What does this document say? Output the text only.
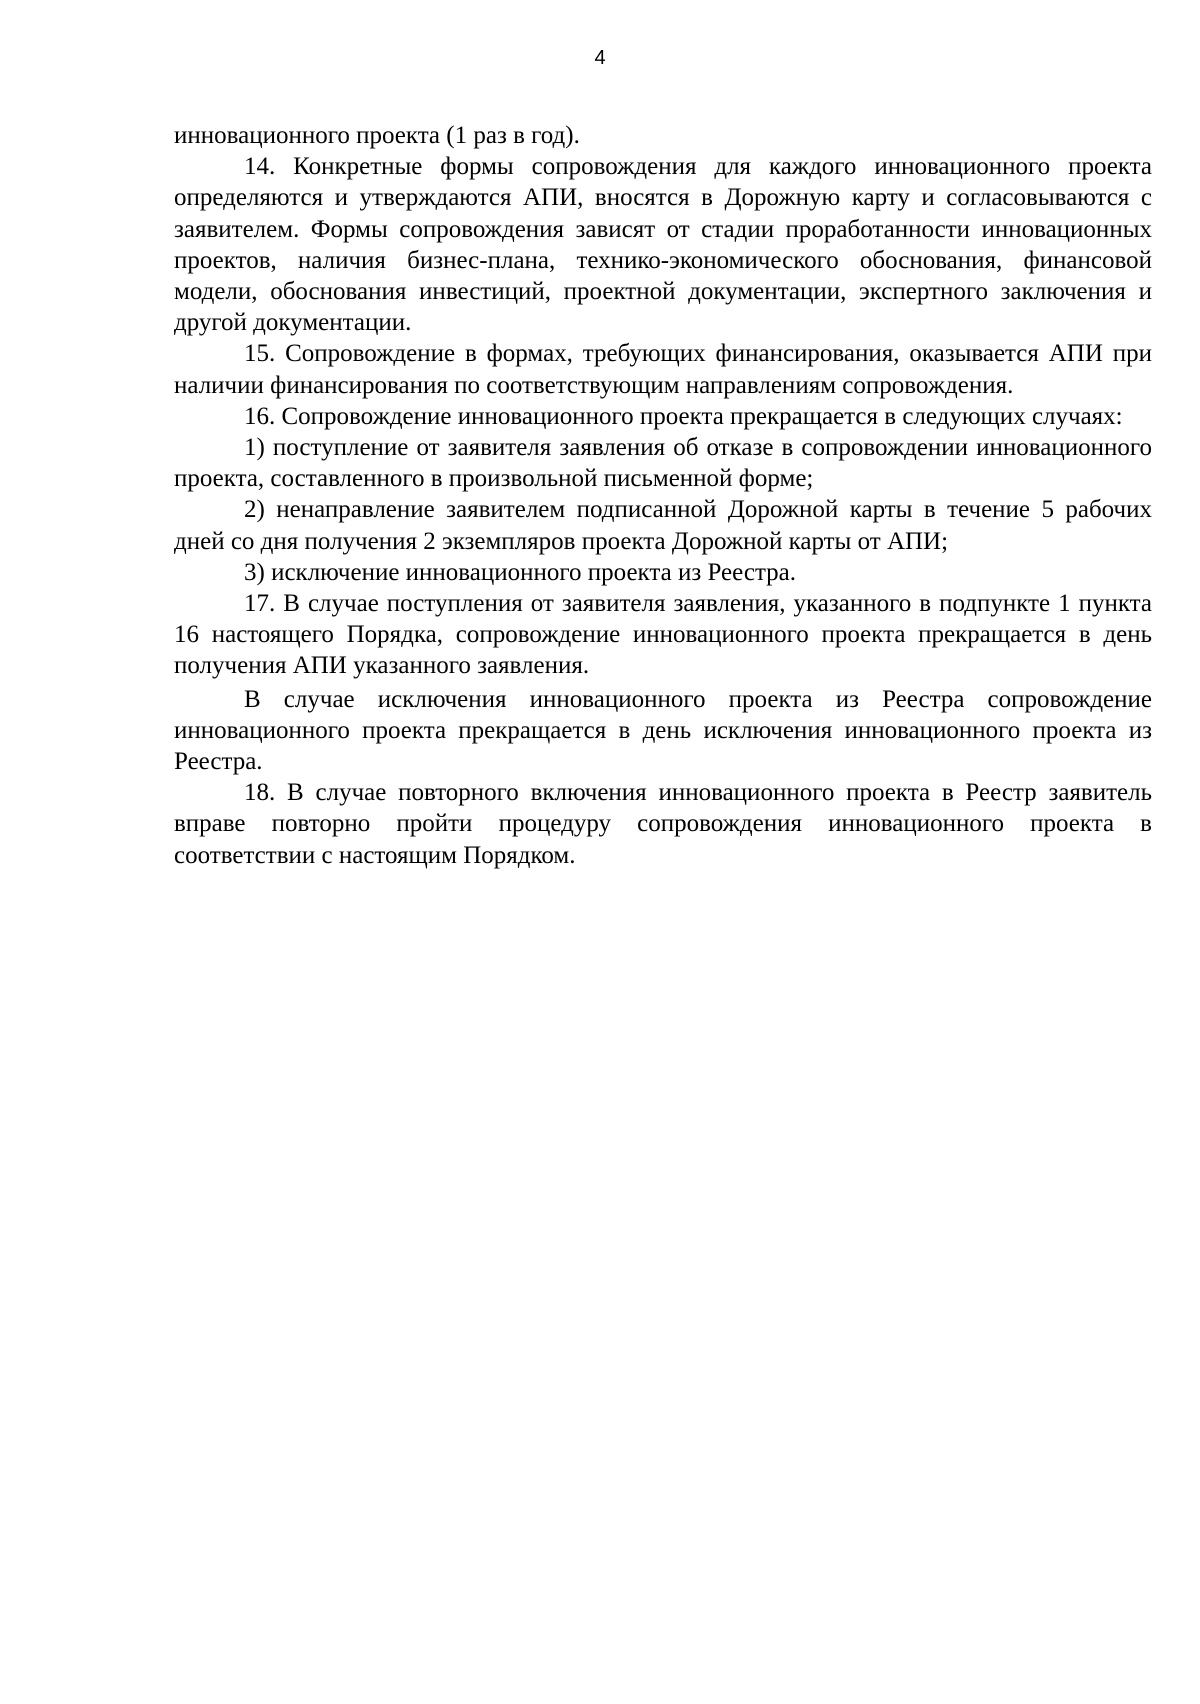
4

инновационного проекта (1 раз в год).

14. Конкретные формы сопровождения для каждого инновационного проекта определяются и утверждаются АПИ, вносятся в Дорожную карту и согласовываются с заявителем. Формы сопровождения зависят от стадии проработанности инновационных проектов, наличия бизнес-плана, технико-экономического обоснования, финансовой модели, обоснования инвестиций, проектной документации, экспертного заключения и другой документации.

15. Сопровождение в формах, требующих финансирования, оказывается АПИ при наличии финансирования по соответствующим направлениям сопровождения.

16. Сопровождение инновационного проекта прекращается в следующих случаях:

1) поступление от заявителя заявления об отказе в сопровождении инновационного проекта, составленного в произвольной письменной форме;

2) ненаправление заявителем подписанной Дорожной карты в течение 5 рабочих дней со дня получения 2 экземпляров проекта Дорожной карты от АПИ;

3) исключение инновационного проекта из Реестра.

17. В случае поступления от заявителя заявления, указанного в подпункте 1 пункта 16 настоящего Порядка, сопровождение инновационного проекта прекращается в день получения АПИ указанного заявления.

В случае исключения инновационного проекта из Реестра сопровождение инновационного проекта прекращается в день исключения инновационного проекта из Реестра.

18. В случае повторного включения инновационного проекта в Реестр заявитель вправе повторно пройти процедуру сопровождения инновационного проекта в соответствии с настоящим Порядком.
